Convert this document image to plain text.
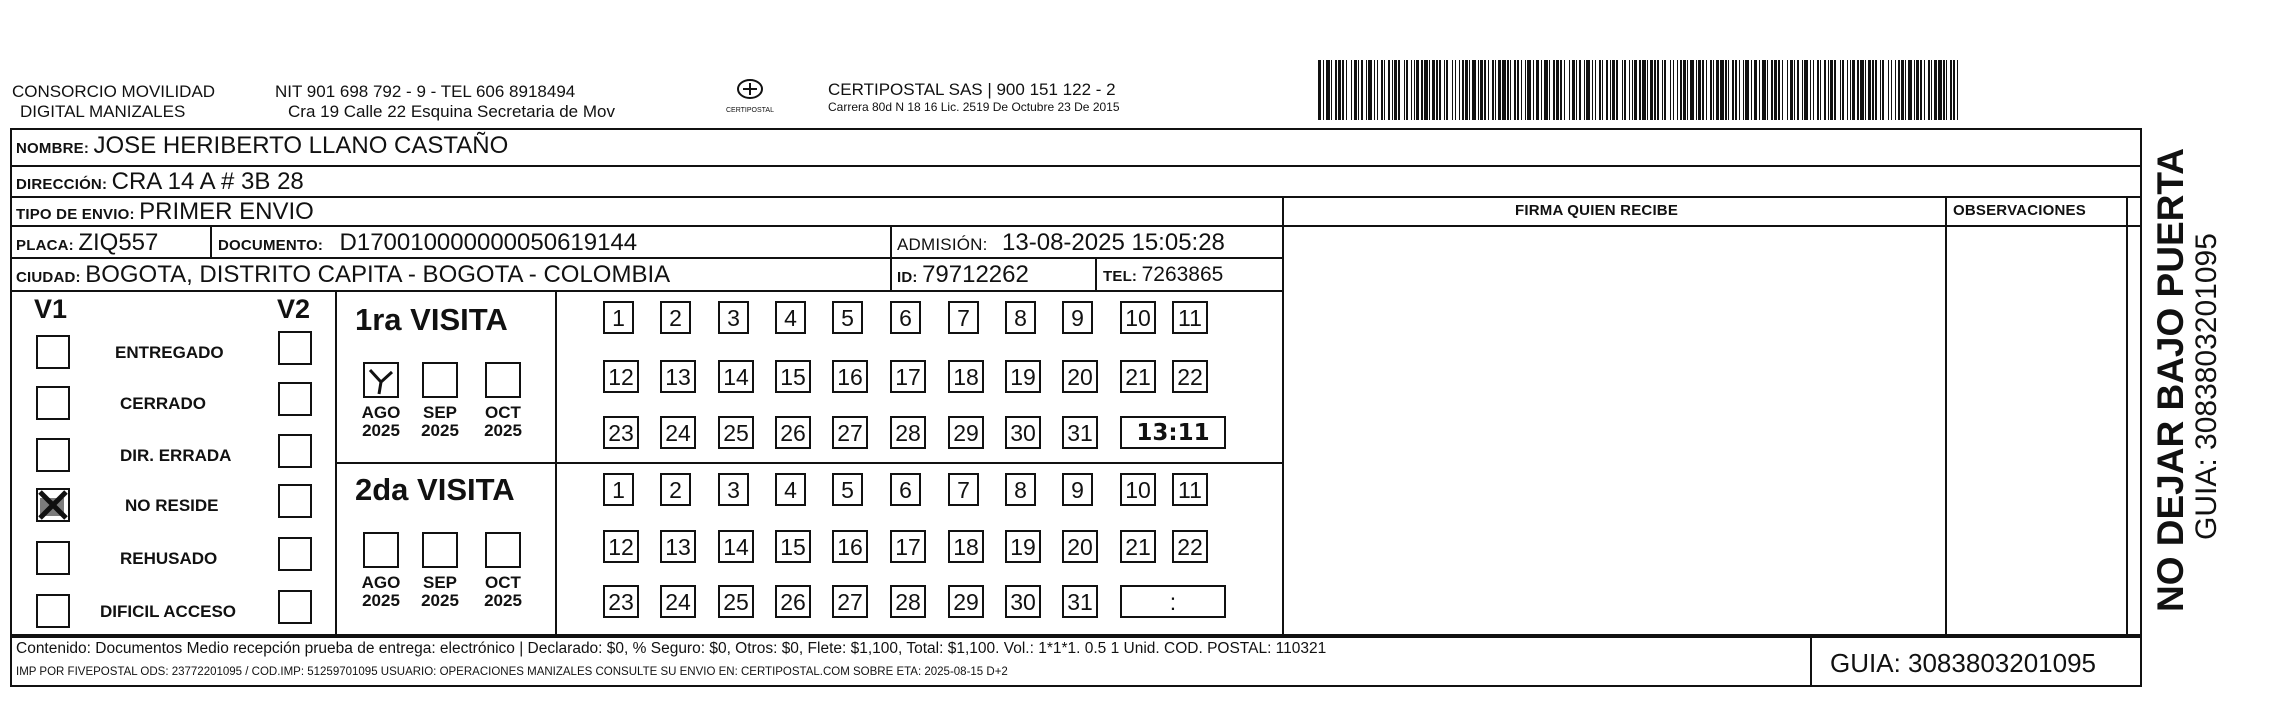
CONSORCIO MOVILIDAD
DIGITAL MANIZALES
NIT 901 698 792 - 9 - TEL 606 8918494
Cra 19 Calle 22 Esquina Secretaria de Mov	CERTIPOSTAL
CERTIPOSTAL SAS | 900 151 122 - 2
Carrera 80d N 18 16 Lic. 2519 De Octubre 23 De 2015
NOMBRE: JOSE HERIBERTO LLANO CASTAÑO
DIRECCIÓN: CRA 14 A # 3B 28
TIPO DE ENVIO: PRIMER ENVIO	FIRMA QUIEN RECIBE	OBSERVACIONES
PLACA: ZIQ557	DOCUMENTO: D170010000000050619144	ADMISIÓN: 13-08-2025 15:05:28
CIUDAD: BOGOTA, DISTRITO CAPITA - BOGOTA - COLOMBIA	ID: 79712262	TEL: 7263865
V1	V2
ENTREGADO
CERRADO
DIR. ERRADA
NO RESIDE
REHUSADO
DIFICIL ACCESO
1ra VISITA
AGO
2025
SEP
2025
OCT
2025
2da VISITA
AGO
2025
SEP
2025
OCT
2025
1	2	3	4	5	6	7	8	9	10 11
12 13 14 15 16 17 18 19 20 21 22
23 24 25 26 27 28 29 30 31	13:11
1	2	3	4	5	6	7	8	9	10 11
12 13 14 15 16 17 18 19 20 21 22
23 24 25 26 27 28 29 30 31	:
Contenido: Documentos Medio recepción prueba de entrega: electrónico | Declarado: $0, % Seguro: $0, Otros: $0, Flete: $1,100, Total: $1,100. Vol.: 1*1*1. 0.5 1 Unid. COD. POSTAL: 110321
IMP POR FIVEPOSTAL ODS: 23772201095 / COD.IMP: 51259701095 USUARIO: OPERACIONES MANIZALES CONSULTE SU ENVIO EN: CERTIPOSTAL.COM SOBRE ETA: 2025-08-15 D+2	GUIA: 3083803201095
NO DEJAR BAJO PUERTA GUIA: 3083803201095
